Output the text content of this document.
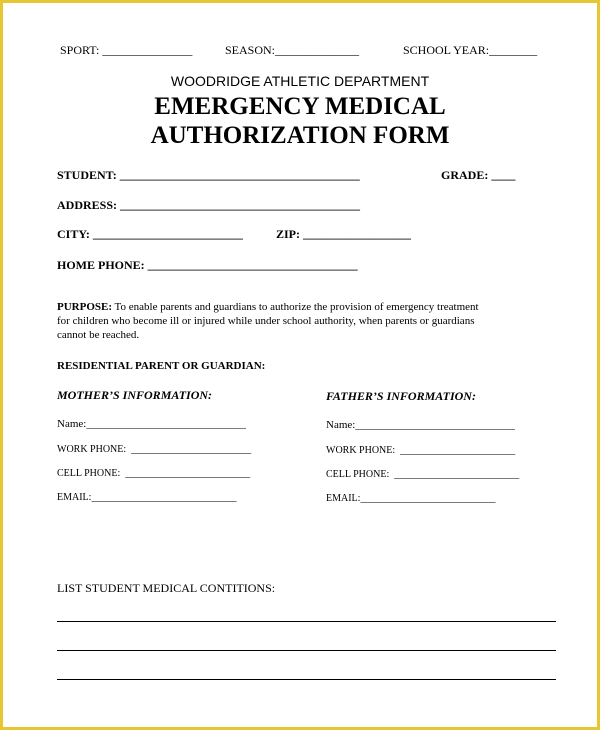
SPORT: _______________	SEASON:______________	SCHOOL YEAR:________
WOODRIDGE ATHLETIC DEPARTMENT
EMERGENCY MEDICAL
AUTHORIZATION FORM
STUDENT: ________________________________________	GRADE: ____
ADDRESS: ________________________________________
CITY: _________________________	ZIP: __________________
HOME PHONE: ___________________________________
PURPOSE: To enable parents and guardians to authorize the provision of emergency treatment
for children who become ill or injured while under school authority, when parents or guardians
cannot be reached.
RESIDENTIAL PARENT OR GUARDIAN:
MOTHER’S INFORMATION:
Name:_____________________________
WORK PHONE: ________________________
CELL PHONE: _________________________
EMAIL:_____________________________
FATHER’S INFORMATION:
Name:_____________________________
WORK PHONE: _______________________
CELL PHONE: _________________________
EMAIL:___________________________
LIST STUDENT MEDICAL CONTITIONS:
